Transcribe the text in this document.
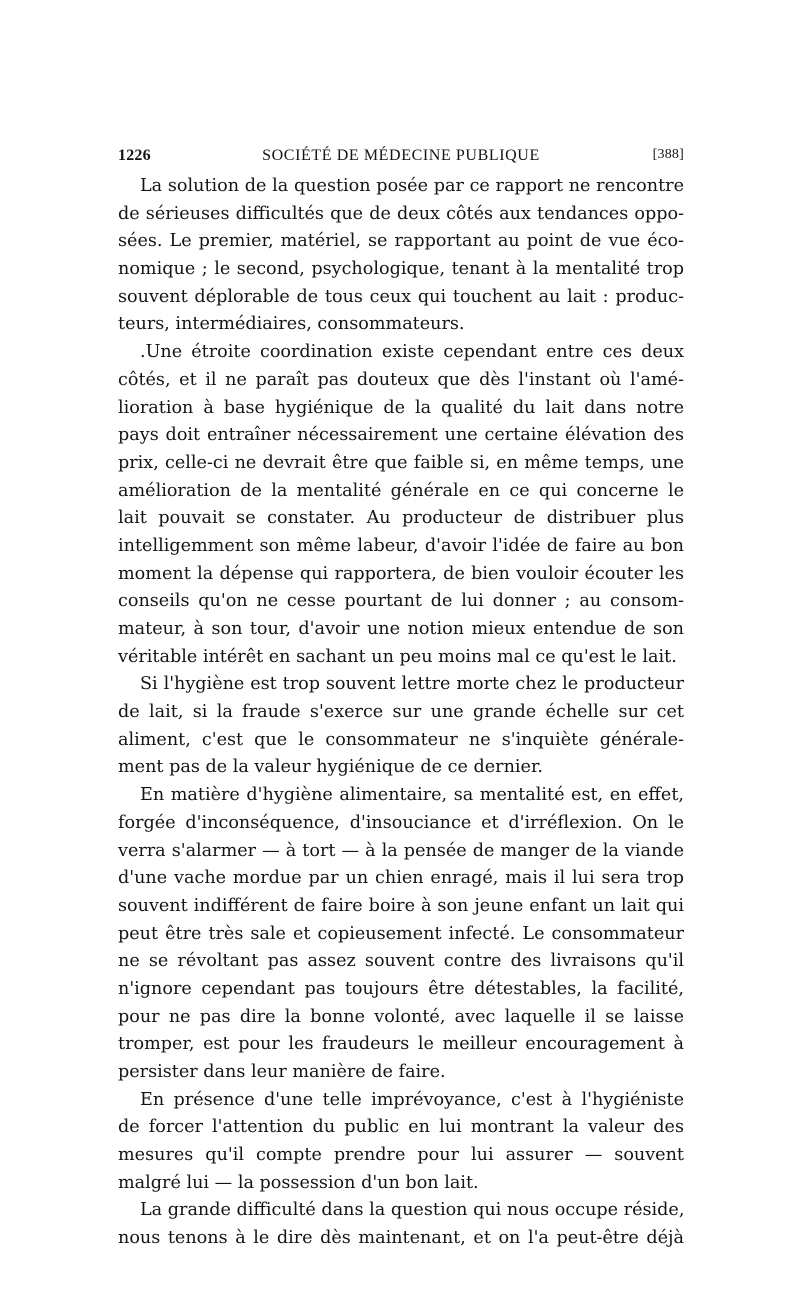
1226	SOCIÉTÉ DE MÉDECINE PUBLIQUE	[388]
La solution de la question posée par ce rapport ne rencontre
de sérieuses difficultés que de deux côtés aux tendances oppo-
sées. Le premier, matériel, se rapportant au point de vue éco-
nomique ; le second, psychologique, tenant à la mentalité trop
souvent déplorable de tous ceux qui touchent au lait : produc-
teurs, intermédiaires, consommateurs.
.Une étroite coordination existe cependant entre ces deux
côtés, et il ne paraît pas douteux que dès l'instant où l'amé-
lioration à base hygiénique de la qualité du lait dans notre
pays doit entraîner nécessairement une certaine élévation des
prix, celle-ci ne devrait être que faible si, en même temps, une
amélioration de la mentalité générale en ce qui concerne le
lait pouvait se constater. Au producteur de distribuer plus
intelligemment son même labeur, d'avoir l'idée de faire au bon
moment la dépense qui rapportera, de bien vouloir écouter les
conseils qu'on ne cesse pourtant de lui donner ; au consom-
mateur, à son tour, d'avoir une notion mieux entendue de son
véritable intérêt en sachant un peu moins mal ce qu'est le lait.
Si l'hygiène est trop souvent lettre morte chez le producteur
de lait, si la fraude s'exerce sur une grande échelle sur cet
aliment, c'est que le consommateur ne s'inquiète générale-
ment pas de la valeur hygiénique de ce dernier.
En matière d'hygiène alimentaire, sa mentalité est, en effet,
forgée d'inconséquence, d'insouciance et d'irréflexion. On le
verra s'alarmer — à tort — à la pensée de manger de la viande
d'une vache mordue par un chien enragé, mais il lui sera trop
souvent indifférent de faire boire à son jeune enfant un lait qui
peut être très sale et copieusement infecté. Le consommateur
ne se révoltant pas assez souvent contre des livraisons qu'il
n'ignore cependant pas toujours être détestables, la facilité,
pour ne pas dire la bonne volonté, avec laquelle il se laisse
tromper, est pour les fraudeurs le meilleur encouragement à
persister dans leur manière de faire.
En présence d'une telle imprévoyance, c'est à l'hygiéniste
de forcer l'attention du public en lui montrant la valeur des
mesures qu'il compte prendre pour lui assurer — souvent
malgré lui — la possession d'un bon lait.
La grande difficulté dans la question qui nous occupe réside,
nous tenons à le dire dès maintenant, et on l'a peut-être déjà
